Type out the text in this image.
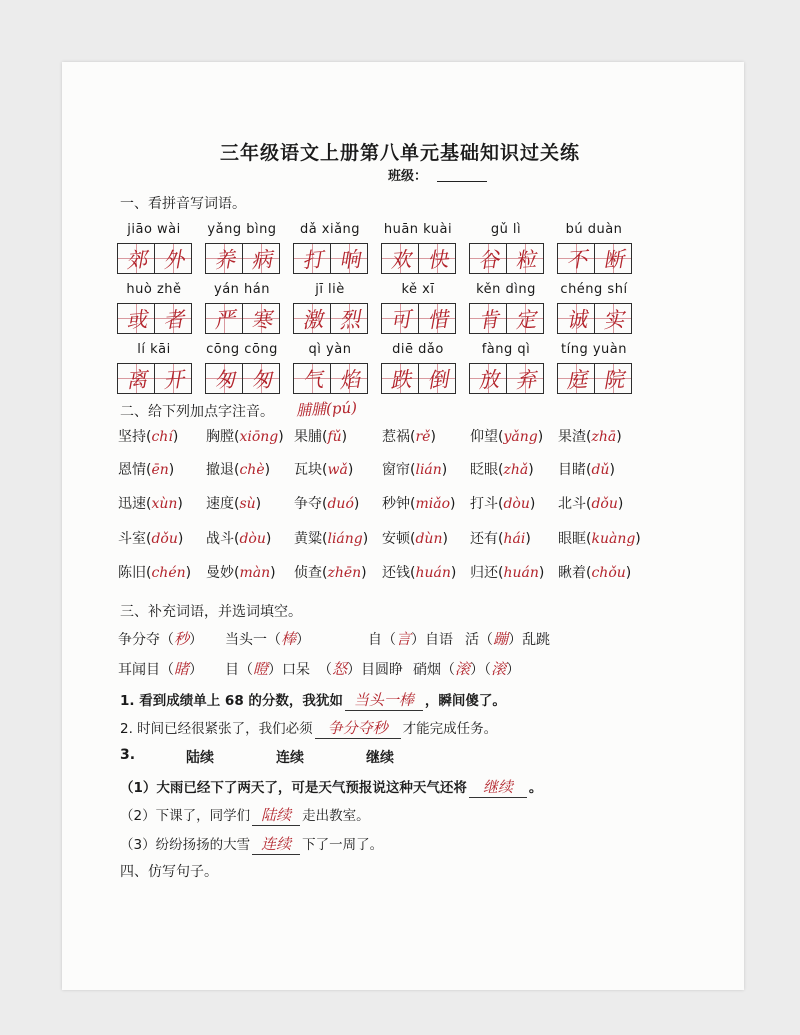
三年级语文上册第八单元基础知识过关练
班级：
一、看拼音写词语。
jiāo wài
郊 外
yǎng bìng
养 病
dǎ xiǎng
打 响
huān kuài
欢 快
gǔ lì
谷 粒
bú duàn
不 断
huò zhě
或 者
yán hán
严 寒
jī liè
激 烈
kě xī
可 惜
kěn dìng
肯 定
chéng shí
诚 实
lí kāi
离 开
cōng cōng
匆 匆
qì yàn
气 焰
diē dǎo
跌 倒
fàng qì
放 弃
tíng yuàn
庭 院
二、给下列加点字注音。 脯脯(pú)
坚持(chí)	胸膛(xiōng) 果脯(fǔ)	惹祸(rě)	仰望(yǎng)	果渣(zhā)
恩情(ēn)	撤退(chè)	瓦块(wǎ)	窗帘(lián)	眨眼(zhǎ)	目睹(dǔ)
迅速(xùn)	速度(sù)	争夺(duó)	秒钟(miǎo)	打斗(dòu)	北斗(dǒu)
斗室(dǒu)	战斗(dòu)	黄粱(liáng) 安顿(dùn)	还有(hái)	眼眶(kuàng)
陈旧(chén)	曼妙(màn)	侦查(zhēn)	还钱(huán) 归还(huán) 瞅着(chǒu)
三、补充词语，并选词填空。
争分夺（秒） 当头一（棒）	自（言）自语 活（蹦）乱跳
耳闻目（睹） 目（瞪）口呆 （怒）目圆睁 硝烟（滚）（滚）
1. 看到成绩单上 68 的分数，我犹如 当头一棒 ，瞬间傻了。
2. 时间已经很紧张了，我们必须 争分夺秒 才能完成任务。
3.	陆续	连续	继续
（1）大雨已经下了两天了，可是天气预报说这种天气还将 继续 。
（2）下课了，同学们 陆续 走出教室。
（3）纷纷扬扬的大雪 连续 下了一周了。
四、仿写句子。
